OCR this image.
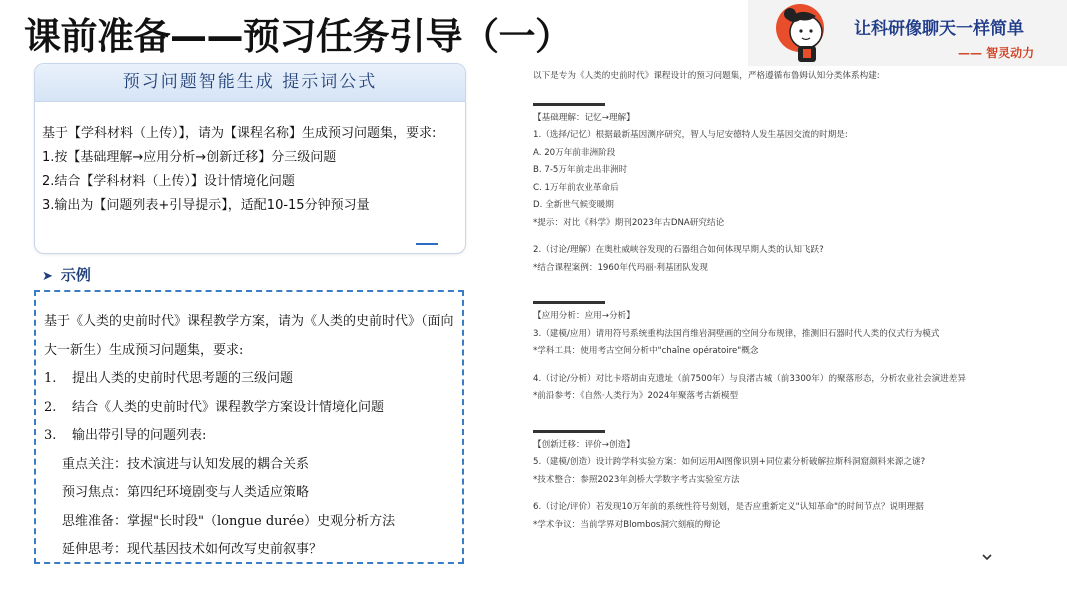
课前准备——预习任务引导（一）	让科研像聊天一样简单
—— 智灵动力
预习问题智能生成 提示词公式

基于【学科材料（上传）】，请为【课程名称】生成预习问题集，要求:

1.按【基础理解→应用分析→创新迁移】分三级问题

2.结合【学科材料（上传）】设计情境化问题

3.输出为【问题列表+引导提示】，适配10-15分钟预习量

➤ 示例

基于《人类的史前时代》课程教学方案，请为《人类的史前时代》（面向大一新生）生成预习问题集，要求:

1. 提出人类的史前时代思考题的三级问题

2. 结合《人类的史前时代》课程教学方案设计情境化问题

3. 输出带引导的问题列表:

重点关注：技术演进与认知发展的耦合关系

预习焦点：第四纪环境剧变与人类适应策略

思维准备：掌握"长时段"（longue durée）史观分析方法

延伸思考：现代基因技术如何改写史前叙事？

以下是专为《人类的史前时代》课程设计的预习问题集，严格遵循布鲁姆认知分类体系构建:

【基础理解：记忆→理解】

1.（选择/记忆）根据最新基因测序研究，智人与尼安德特人发生基因交流的时期是:

A. 20万年前非洲阶段

B. 7-5万年前走出非洲时

C. 1万年前农业革命后

D. 全新世气候变暖期

*提示：对比《科学》期刊2023年古DNA研究结论

2.（讨论/理解）在奥杜威峡谷发现的石器组合如何体现早期人类的认知飞跃?

*结合课程案例：1960年代玛丽·利基团队发现

【应用分析：应用→分析】

3.（建模/应用）请用符号系统重构法国肖维岩洞壁画的空间分布规律，推测旧石器时代人类的仪式行为模式

*学科工具：使用考古空间分析中"chaîne opératoire"概念

4.（讨论/分析）对比卡塔胡由克遗址（前7500年）与良渚古城（前3300年）的聚落形态，分析农业社会演进差异

*前沿参考：《自然·人类行为》2024年聚落考古新模型

【创新迁移：评价→创造】

5.（建模/创造）设计跨学科实验方案：如何运用AI图像识别+同位素分析破解拉斯科洞窟颜料来源之谜?

*技术整合：参照2023年剑桥大学数字考古实验室方法

6.（讨论/评价）若发现10万年前的系统性符号刻划，是否应重新定义"认知革命"的时间节点？说明理据

*学术争议：当前学界对Blombos洞穴刻痕的辩论
